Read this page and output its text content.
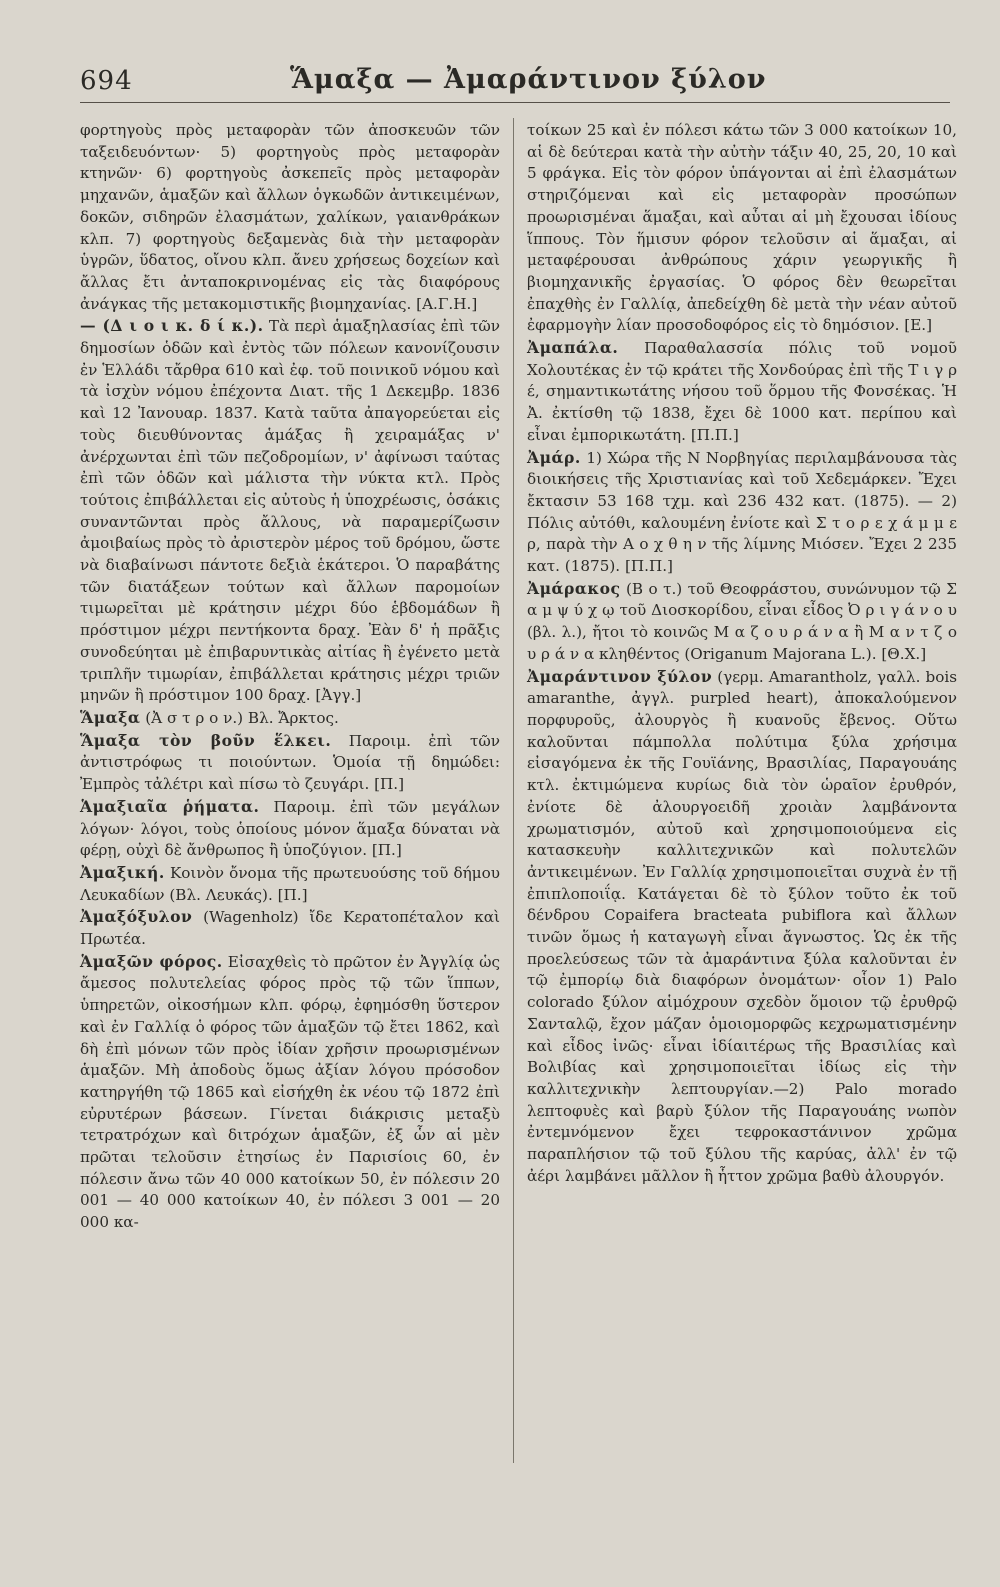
694	Ἅμαξα — Ἀμαράντινον ξύλον

φορτηγοὺς πρὸς μεταφορὰν τῶν ἀποσκευῶν τῶν ταξειδευόντων· 5) φορτηγοὺς πρὸς μεταφορὰν κτηνῶν· 6) φορτηγοὺς ἀσκεπεῖς πρὸς μεταφορὰν μηχανῶν, ἁμαξῶν καὶ ἄλλων ὀγκωδῶν ἀντικειμένων, δοκῶν, σιδηρῶν ἐλασμάτων, χαλίκων, γαιανθράκων κλπ. 7) φορτηγοὺς δεξαμενὰς διὰ τὴν μεταφορὰν ὑγρῶν, ὕδατος, οἴνου κλπ. ἄνευ χρήσεως δοχείων καὶ ἄλλας ἔτι ἀνταποκρινομένας εἰς τὰς διαφόρους ἀνάγκας τῆς μετακομιστικῆς βιομηχανίας. [Α.Γ.Η.]

— (Δ ι ο ι κ. δ ί κ.). Τὰ περὶ ἁμαξηλασίας ἐπὶ τῶν δημοσίων ὁδῶν καὶ ἐντὸς τῶν πόλεων κανονίζουσιν ἐν Ἑλλάδι τἄρθρα 610 καὶ ἐφ. τοῦ ποινικοῦ νόμου καὶ τὰ ἰσχὺν νόμου ἐπέχοντα Διατ. τῆς 1 Δεκεμβρ. 1836 καὶ 12 Ἰανουαρ. 1837. Κατὰ ταῦτα ἀπαγορεύεται εἰς τοὺς διευθύνοντας ἁμάξας ἢ χειραμάξας ν' ἀνέρχωνται ἐπὶ τῶν πεζοδρομίων, ν' ἀφίνωσι ταύτας ἐπὶ τῶν ὁδῶν καὶ μάλιστα τὴν νύκτα κτλ. Πρὸς τούτοις ἐπιβάλλεται εἰς αὐτοὺς ἡ ὑποχρέωσις, ὁσάκις συναντῶνται πρὸς ἄλλους, νὰ παραμερίζωσιν ἀμοιβαίως πρὸς τὸ ἀριστερὸν μέρος τοῦ δρόμου, ὥστε νὰ διαβαίνωσι πάντοτε δεξιὰ ἑκάτεροι. Ὁ παραβάτης τῶν διατάξεων τούτων καὶ ἄλλων παρομοίων τιμωρεῖται μὲ κράτησιν μέχρι δύο ἑβδομάδων ἢ πρόστιμον μέχρι πεντήκοντα δραχ. Ἐὰν δ' ἡ πρᾶξις συνοδεύηται μὲ ἐπιβαρυντικὰς αἰτίας ἢ ἐγένετο μετὰ τριπλῆν τιμωρίαν, ἐπιβάλλεται κράτησις μέχρι τριῶν μηνῶν ἢ πρόστιμον 100 δραχ. [Ἀγγ.]

Ἅμαξα (Ἀ σ τ ρ ο ν.) Βλ. Ἄρκτος.

Ἅμαξα τὸν βοῦν ἕλκει. Παροιμ. ἐπὶ τῶν ἀντιστρόφως τι ποιούντων. Ὁμοία τῇ δημώδει: Ἐμπρὸς τἀλέτρι καὶ πίσω τὸ ζευγάρι. [Π.]

Ἁμαξιαῖα ῥήματα. Παροιμ. ἐπὶ τῶν μεγάλων λόγων· λόγοι, τοὺς ὁποίους μόνον ἅμαξα δύναται νὰ φέρῃ, οὐχὶ δὲ ἄνθρωπος ἢ ὑποζύγιον. [Π.]

Ἀμαξική. Κοινὸν ὄνομα τῆς πρωτευούσης τοῦ δήμου Λευκαδίων (Βλ. Λευκάς). [Π.]

Ἀμαξόξυλον (Wagenholz) ἴδε Κερατοπέταλον καὶ Πρωτέα.

Ἁμαξῶν φόρος. Εἰσαχθεὶς τὸ πρῶτον ἐν Ἀγγλίᾳ ὡς ἄμεσος πολυτελείας φόρος πρὸς τῷ τῶν ἵππων, ὑπηρετῶν, οἰκοσήμων κλπ. φόρῳ, ἐφημόσθη ὕστερον καὶ ἐν Γαλλίᾳ ὁ φόρος τῶν ἁμαξῶν τῷ ἔτει 1862, καὶ δὴ ἐπὶ μόνων τῶν πρὸς ἰδίαν χρῆσιν προωρισμένων ἁμαξῶν. Μὴ ἀποδοὺς ὅμως ἀξίαν λόγου πρόσοδον κατηργήθη τῷ 1865 καὶ εἰσήχθη ἐκ νέου τῷ 1872 ἐπὶ εὐρυτέρων βάσεων. Γίνεται διάκρισις μεταξὺ τετρατρόχων καὶ διτρόχων ἁμαξῶν, ἐξ ὧν αἱ μὲν πρῶται τελοῦσιν ἐτησίως ἐν Παρισίοις 60, ἐν πόλεσιν ἄνω τῶν 40 000 κατοίκων 50, ἐν πόλεσιν 20 001 — 40 000 κατοίκων 40, ἐν πόλεσι 3 001 — 20 000 κα-

τοίκων 25 καὶ ἐν πόλεσι κάτω τῶν 3 000 κατοίκων 10, αἱ δὲ δεύτεραι κατὰ τὴν αὐτὴν τάξιν 40, 25, 20, 10 καὶ 5 φράγκα. Εἰς τὸν φόρον ὑπάγονται αἱ ἐπὶ ἐλασμάτων στηριζόμεναι καὶ εἰς μεταφορὰν προσώπων προωρισμέναι ἅμαξαι, καὶ αὗται αἱ μὴ ἔχουσαι ἰδίους ἵππους. Τὸν ἥμισυν φόρον τελοῦσιν αἱ ἅμαξαι, αἱ μεταφέρουσαι ἀνθρώπους χάριν γεωργικῆς ἢ βιομηχανικῆς ἐργασίας. Ὁ φόρος δὲν θεωρεῖται ἐπαχθὴς ἐν Γαλλίᾳ, ἀπεδείχθη δὲ μετὰ τὴν νέαν αὐτοῦ ἐφαρμογὴν λίαν προσοδοφόρος εἰς τὸ δημόσιον. [Ε.]

Ἀμαπάλα. Παραθαλασσία πόλις τοῦ νομοῦ Χολουτέκας ἐν τῷ κράτει τῆς Χονδούρας ἐπὶ τῆς Τ ι γ ρ έ, σημαντικωτάτης νήσου τοῦ ὅρμου τῆς Φονσέκας. Ἡ Ἀ. ἐκτίσθη τῷ 1838, ἔχει δὲ 1000 κατ. περίπου καὶ εἶναι ἐμπορικωτάτη. [Π.Π.]

Ἀμάρ. 1) Χώρα τῆς Ν Νορβηγίας περιλαμβάνουσα τὰς διοικήσεις τῆς Χριστιανίας καὶ τοῦ Χεδεμάρκεν. Ἔχει ἔκτασιν 53 168 τχμ. καὶ 236 432 κατ. (1875). — 2) Πόλις αὐτόθι, καλουμένη ἐνίοτε καὶ Σ τ ο ρ ε χ ά μ μ ε ρ, παρὰ τὴν Α ο χ θ η ν τῆς λίμνης Μιόσεν. Ἔχει 2 235 κατ. (1875). [Π.Π.]

Ἀμάρακος (Β ο τ.) τοῦ Θεοφράστου, συνώνυμον τῷ Σ α μ ψ ύ χ ῳ τοῦ Διοσκορίδου, εἶναι εἶδος Ὀ ρ ι γ ά ν ο υ (βλ. λ.), ἤτοι τὸ κοινῶς Μ α ζ ο υ ρ ά ν α ἢ Μ α ν τ ζ ο υ ρ ά ν α κληθέντος (Origanum Majorana L.). [Θ.Χ.]

Ἀμαράντινον ξύλον (γερμ. Amarantholz, γαλλ. bois amaranthe, ἀγγλ. purpled heart), ἀποκαλούμενον πορφυροῦς, ἀλουργὸς ἢ κυανοῦς ἔβενος. Οὕτω καλοῦνται πάμπολλα πολύτιμα ξύλα χρήσιμα εἰσαγόμενα ἐκ τῆς Γουϊάνης, Βρασιλίας, Παραγουάης κτλ. ἐκτιμώμενα κυρίως διὰ τὸν ὡραῖον ἐρυθρόν, ἐνίοτε δὲ ἀλουργοειδῆ χροιὰν λαμβάνοντα χρωματισμόν, αὐτοῦ καὶ χρησιμοποιούμενα εἰς κατασκευὴν καλλιτεχνικῶν καὶ πολυτελῶν ἀντικειμένων. Ἐν Γαλλίᾳ χρησιμοποιεῖται συχνὰ ἐν τῇ ἐπιπλοποιΐᾳ. Κατάγεται δὲ τὸ ξύλον τοῦτο ἐκ τοῦ δένδρου Copaifera bracteata pubiflora καὶ ἄλλων τινῶν ὅμως ἡ καταγωγὴ εἶναι ἄγνωστος. Ὡς ἐκ τῆς προελεύσεως τῶν τὰ ἀμαράντινα ξύλα καλοῦνται ἐν τῷ ἐμπορίῳ διὰ διαφόρων ὀνομάτων· οἷον 1) Palo colorado ξύλον αἱμόχρουν σχεδὸν ὅμοιον τῷ ἐρυθρῷ Σανταλῷ, ἔχον μάζαν ὁμοιομορφῶς κεχρωματισμένην καὶ εἶδος ἰνῶς· εἶναι ἰδίαιτέρως τῆς Βρασιλίας καὶ Βολιβίας καὶ χρησιμοποιεῖται ἰδίως εἰς τὴν καλλιτεχνικὴν λεπτουργίαν.—2) Palo morado λεπτοφυὲς καὶ βαρὺ ξύλον τῆς Παραγουάης νωπὸν ἐντεμνόμενον ἔχει τεφροκαστάνινον χρῶμα παραπλήσιον τῷ τοῦ ξύλου τῆς καρύας, ἀλλ' ἐν τῷ ἀέρι λαμβάνει μᾶλλον ἢ ἧττον χρῶμα βαθὺ ἀλουργόν.
